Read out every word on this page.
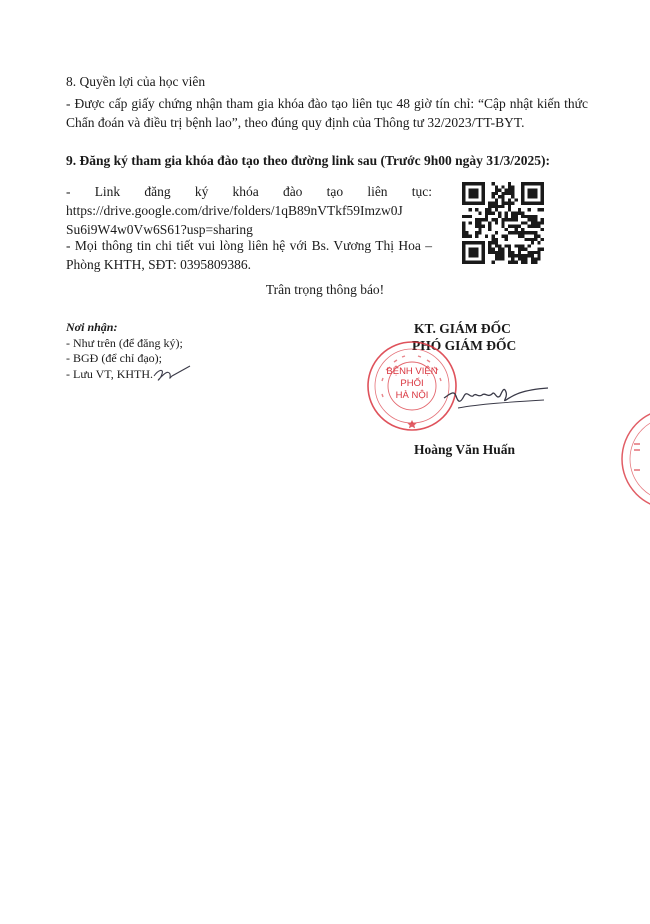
8. Quyền lợi của học viên
- Được cấp giấy chứng nhận tham gia khóa đào tạo liên tục 48 giờ tín chỉ: “Cập nhật kiến thức Chẩn đoán và điều trị bệnh lao”, theo đúng quy định của Thông tư 32/2023/TT-BYT.
9. Đăng ký tham gia khóa đào tạo theo đường link sau (Trước 9h00 ngày 31/3/2025):
- Link đăng ký khóa đào tạo liên tục:
https://drive.google.com/drive/folders/1qB89nVTkf59Imzw0J
Su6i9W4w0Vw6S61?usp=sharing
- Mọi thông tin chi tiết vui lòng liên hệ với Bs. Vương Thị Hoa – Phòng KHTH, SĐT: 0395809386.
Trân trọng thông báo!
Nơi nhận:
- Như trên (để đăng ký);
- BGĐ (để chỉ đạo);
- Lưu VT, KHTH.
KT. GIÁM ĐỐC
PHÓ GIÁM ĐỐC
BỆNH VIỆN
PHỔI
HÀ NỘI
Hoàng Văn Huấn
